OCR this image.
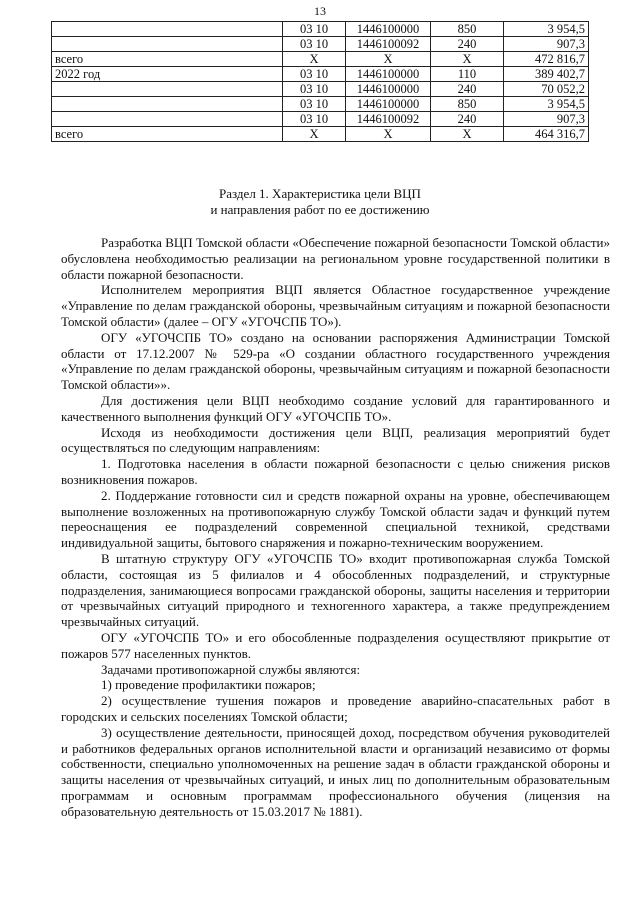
13
	03 10	1446100000	850	3 954,5
	03 10	1446100092	240	907,3
всего	X	X	X	472 816,7
2022 год	03 10	1446100000	110	389 402,7
	03 10	1446100000	240	70 052,2
	03 10	1446100000	850	3 954,5
	03 10	1446100092	240	907,3
всего	X	X	X	464 316,7
Раздел 1. Характеристика цели ВЦП
и направления работ по ее достижению

Разработка ВЦП Томской области «Обеспечение пожарной безопасности Томской области» обусловлена необходимостью реализации на региональном уровне государственной политики в области пожарной безопасности.

Исполнителем мероприятия ВЦП является Областное государственное учреждение «Управление по делам гражданской обороны, чрезвычайным ситуациям и пожарной безопасности Томской области» (далее – ОГУ «УГОЧСПБ ТО»).

ОГУ «УГОЧСПБ ТО» создано на основании распоряжения Администрации Томской области от 17.12.2007 № 529-ра «О создании областного государственного учреждения «Управление по делам гражданской обороны, чрезвычайным ситуациям и пожарной безопасности Томской области»».

Для достижения цели ВЦП необходимо создание условий для гарантированного и качественного выполнения функций ОГУ «УГОЧСПБ ТО».

Исходя из необходимости достижения цели ВЦП, реализация мероприятий будет осуществляться по следующим направлениям:

1. Подготовка населения в области пожарной безопасности с целью снижения рисков возникновения пожаров.

2. Поддержание готовности сил и средств пожарной охраны на уровне, обеспечивающем выполнение возложенных на противопожарную службу Томской области задач и функций путем переоснащения ее подразделений современной специальной техникой, средствами индивидуальной защиты, бытового снаряжения и пожарно-техническим вооружением.

В штатную структуру ОГУ «УГОЧСПБ ТО» входит противопожарная служба Томской области, состоящая из 5 филиалов и 4 обособленных подразделений, и структурные подразделения, занимающиеся вопросами гражданской обороны, защиты населения и территории от чрезвычайных ситуаций природного и техногенного характера, а также предупреждением чрезвычайных ситуаций.

ОГУ «УГОЧСПБ ТО» и его обособленные подразделения осуществляют прикрытие от пожаров 577 населенных пунктов.

Задачами противопожарной службы являются:

1) проведение профилактики пожаров;

2) осуществление тушения пожаров и проведение аварийно-спасательных работ в городских и сельских поселениях Томской области;

3) осуществление деятельности, приносящей доход, посредством обучения руководителей и работников федеральных органов исполнительной власти и организаций независимо от формы собственности, специально уполномоченных на решение задач в области гражданской обороны и защиты населения от чрезвычайных ситуаций, и иных лиц по дополнительным образовательным программам и основным программам профессионального обучения (лицензия на образовательную деятельность от 15.03.2017 № 1881).
